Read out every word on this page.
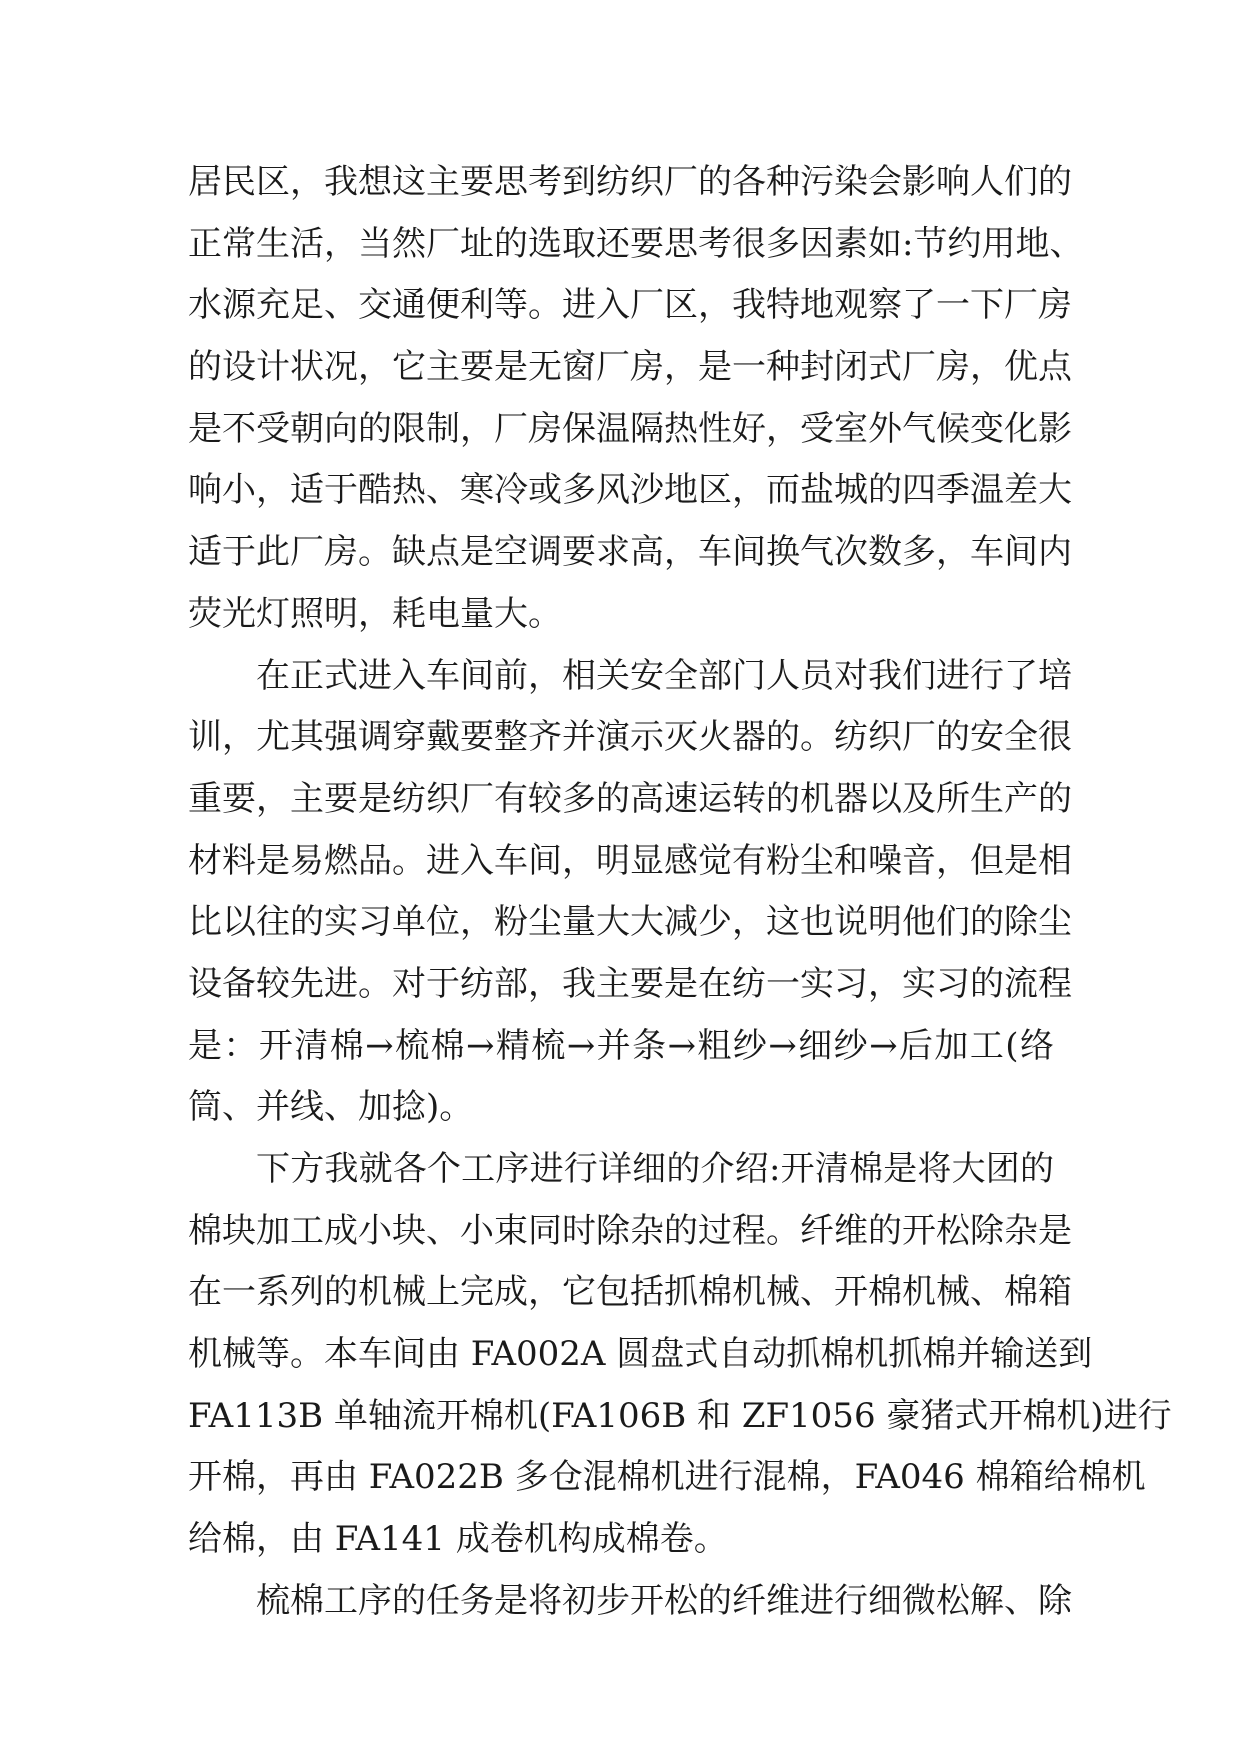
居民区，我想这主要思考到纺织厂的各种污染会影响人们的
正常生活，当然厂址的选取还要思考很多因素如:节约用地、
水源充足、交通便利等。进入厂区，我特地观察了一下厂房
的设计状况，它主要是无窗厂房，是一种封闭式厂房，优点
是不受朝向的限制，厂房保温隔热性好，受室外气候变化影
响小，适于酷热、寒冷或多风沙地区，而盐城的四季温差大
适于此厂房。缺点是空调要求高，车间换气次数多，车间内
荧光灯照明，耗电量大。
在正式进入车间前，相关安全部门人员对我们进行了培
训，尤其强调穿戴要整齐并演示灭火器的。纺织厂的安全很
重要，主要是纺织厂有较多的高速运转的机器以及所生产的
材料是易燃品。进入车间，明显感觉有粉尘和噪音，但是相
比以往的实习单位，粉尘量大大减少，这也说明他们的除尘
设备较先进。对于纺部，我主要是在纺一实习，实习的流程
是：开清棉→梳棉→精梳→并条→粗纱→细纱→后加工(络
筒、并线、加捻)。
下方我就各个工序进行详细的介绍:开清棉是将大团的
棉块加工成小块、小束同时除杂的过程。纤维的开松除杂是
在一系列的机械上完成，它包括抓棉机械、开棉机械、棉箱
机械等。本车间由 FA002A 圆盘式自动抓棉机抓棉并输送到
FA113B 单轴流开棉机(FA106B 和 ZF1056 豪猪式开棉机)进行
开棉，再由 FA022B 多仓混棉机进行混棉，FA046 棉箱给棉机
给棉，由 FA141 成卷机构成棉卷。
梳棉工序的任务是将初步开松的纤维进行细微松解、除
